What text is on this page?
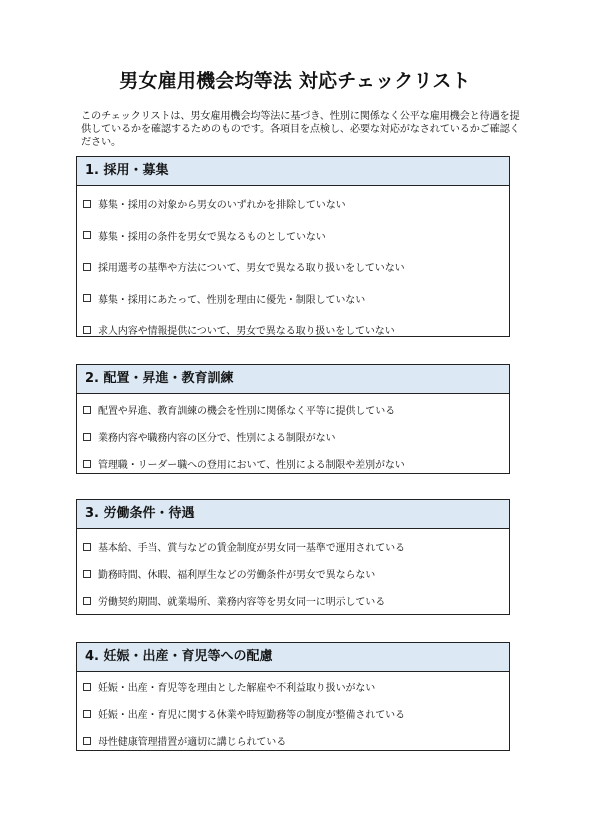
男女雇用機会均等法 対応チェックリスト
このチェックリストは、男女雇用機会均等法に基づき、性別に関係なく公平な雇用機会と待遇を提供しているかを確認するためのものです。各項目を点検し、必要な対応がなされているかご確認ください。
1. 採用・募集
募集・採用の対象から男女のいずれかを排除していない
募集・採用の条件を男女で異なるものとしていない
採用選考の基準や方法について、男女で異なる取り扱いをしていない
募集・採用にあたって、性別を理由に優先・制限していない
求人内容や情報提供について、男女で異なる取り扱いをしていない
2. 配置・昇進・教育訓練
配置や昇進、教育訓練の機会を性別に関係なく平等に提供している
業務内容や職務内容の区分で、性別による制限がない
管理職・リーダー職への登用において、性別による制限や差別がない
3. 労働条件・待遇
基本給、手当、賞与などの賃金制度が男女同一基準で運用されている
勤務時間、休暇、福利厚生などの労働条件が男女で異ならない
労働契約期間、就業場所、業務内容等を男女同一に明示している
4. 妊娠・出産・育児等への配慮
妊娠・出産・育児等を理由とした解雇や不利益取り扱いがない
妊娠・出産・育児に関する休業や時短勤務等の制度が整備されている
母性健康管理措置が適切に講じられている
